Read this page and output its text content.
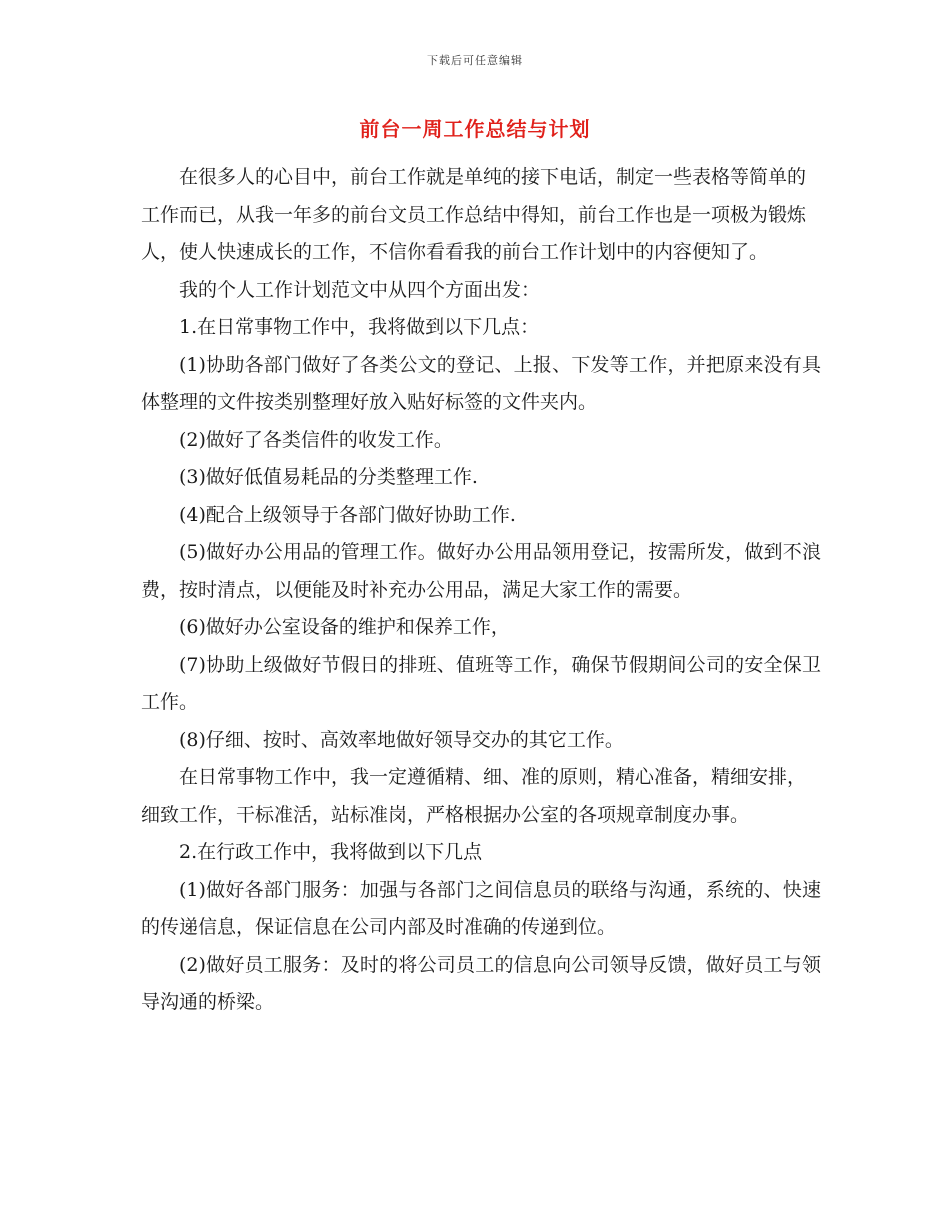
下载后可任意编辑
前台一周工作总结与计划

在很多人的心目中，前台工作就是单纯的接下电话，制定一些表格等简单的工作而已，从我一年多的前台文员工作总结中得知，前台工作也是一项极为锻炼人，使人快速成长的工作，不信你看看我的前台工作计划中的内容便知了。

我的个人工作计划范文中从四个方面出发：

1.在日常事物工作中，我将做到以下几点：

(1)协助各部门做好了各类公文的登记、上报、下发等工作，并把原来没有具体整理的文件按类别整理好放入贴好标签的文件夹内。

(2)做好了各类信件的收发工作。

(3)做好低值易耗品的分类整理工作.

(4)配合上级领导于各部门做好协助工作.

(5)做好办公用品的管理工作。做好办公用品领用登记，按需所发，做到不浪费，按时清点，以便能及时补充办公用品，满足大家工作的需要。

(6)做好办公室设备的维护和保养工作，

(7)协助上级做好节假日的排班、值班等工作，确保节假期间公司的安全保卫工作。

(8)仔细、按时、高效率地做好领导交办的其它工作。

在日常事物工作中，我一定遵循精、细、准的原则，精心准备，精细安排，细致工作，干标准活，站标准岗，严格根据办公室的各项规章制度办事。

2.在行政工作中，我将做到以下几点

(1)做好各部门服务：加强与各部门之间信息员的联络与沟通，系统的、快速的传递信息，保证信息在公司内部及时准确的传递到位。

(2)做好员工服务：及时的将公司员工的信息向公司领导反馈，做好员工与领导沟通的桥梁。
